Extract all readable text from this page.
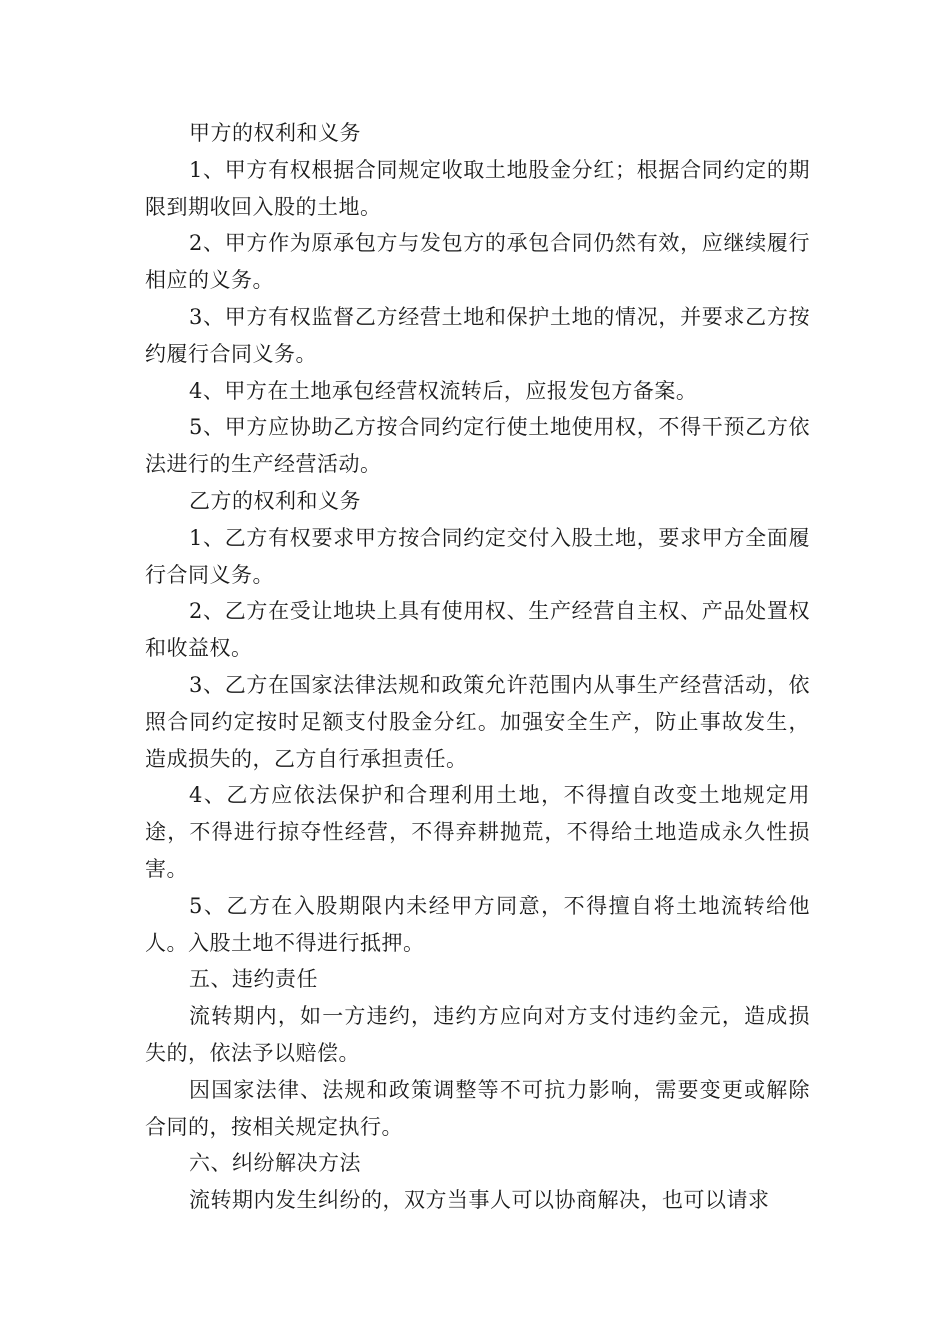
甲方的权利和义务

1、甲方有权根据合同规定收取土地股金分红；根据合同约定的期限到期收回入股的土地。

2、甲方作为原承包方与发包方的承包合同仍然有效，应继续履行相应的义务。

3、甲方有权监督乙方经营土地和保护土地的情况，并要求乙方按约履行合同义务。

4、甲方在土地承包经营权流转后，应报发包方备案。

5、甲方应协助乙方按合同约定行使土地使用权，不得干预乙方依法进行的生产经营活动。

乙方的权利和义务

1、乙方有权要求甲方按合同约定交付入股土地，要求甲方全面履行合同义务。

2、乙方在受让地块上具有使用权、生产经营自主权、产品处置权和收益权。

3、乙方在国家法律法规和政策允许范围内从事生产经营活动，依照合同约定按时足额支付股金分红。加强安全生产，防止事故发生，造成损失的，乙方自行承担责任。

4、乙方应依法保护和合理利用土地，不得擅自改变土地规定用途，不得进行掠夺性经营，不得弃耕抛荒，不得给土地造成永久性损害。

5、乙方在入股期限内未经甲方同意，不得擅自将土地流转给他人。入股土地不得进行抵押。

五、违约责任

流转期内，如一方违约，违约方应向对方支付违约金元，造成损失的，依法予以赔偿。

因国家法律、法规和政策调整等不可抗力影响，需要变更或解除合同的，按相关规定执行。

六、纠纷解决方法

流转期内发生纠纷的，双方当事人可以协商解决，也可以请求
